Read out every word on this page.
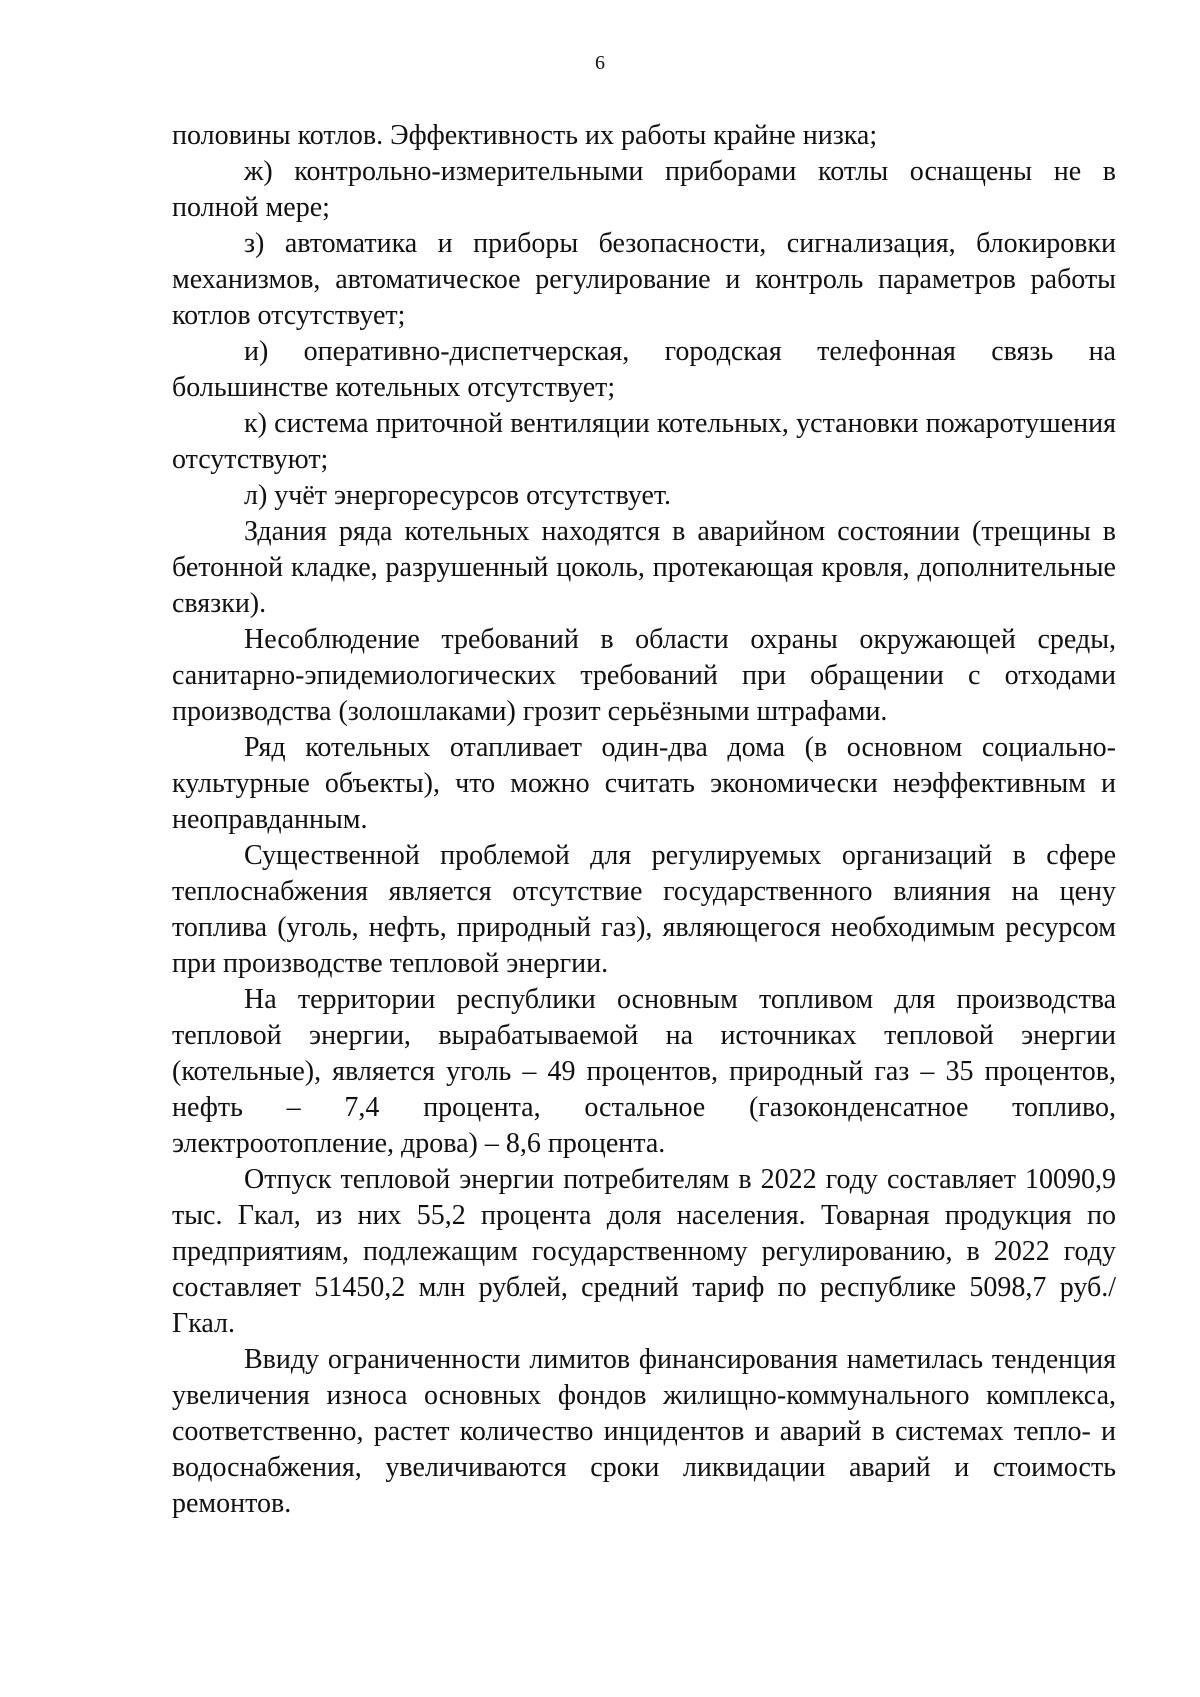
6

половины котлов. Эффективность их работы крайне низка;

ж) контрольно-измерительными приборами котлы оснащены не в полной мере;

з) автоматика и приборы безопасности, сигнализация, блокировки механизмов, автоматическое регулирование и контроль параметров работы котлов отсутствует;

и) оперативно-диспетчерская, городская телефонная связь на большинстве котельных отсутствует;

к) система приточной вентиляции котельных, установки пожаротушения отсутствуют;

л) учёт энергоресурсов отсутствует.

Здания ряда котельных находятся в аварийном состоянии (трещины в бетонной кладке, разрушенный цоколь, протекающая кровля, дополнительные связки).

Несоблюдение требований в области охраны окружающей среды, санитарно-эпидемиологических требований при обращении с отходами производства (золошлаками) грозит серьёзными штрафами.

Ряд котельных отапливает один-два дома (в основном социально-культурные объекты), что можно считать экономически неэффективным и неоправданным.

Существенной проблемой для регулируемых организаций в сфере теплоснабжения является отсутствие государственного влияния на цену топлива (уголь, нефть, природный газ), являющегося необходимым ресурсом при производстве тепловой энергии.

На территории республики основным топливом для производства тепловой энергии, вырабатываемой на источниках тепловой энергии (котельные), является уголь – 49 процентов, природный газ – 35 процентов, нефть – 7,4 процента, остальное (газоконденсатное топливо, электроотопление, дрова) – 8,6 процента.

Отпуск тепловой энергии потребителям в 2022 году составляет 10090,9 тыс. Гкал, из них 55,2 процента доля населения. Товарная продукция по предприятиям, подлежащим государственному регулированию, в 2022 году составляет 51450,2 млн рублей, средний тариф по республике 5098,7 руб./Гкал.

Ввиду ограниченности лимитов финансирования наметилась тенденция увеличения износа основных фондов жилищно-коммунального комплекса, соответственно, растет количество инцидентов и аварий в системах тепло- и водоснабжения, увеличиваются сроки ликвидации аварий и стоимость ремонтов.
